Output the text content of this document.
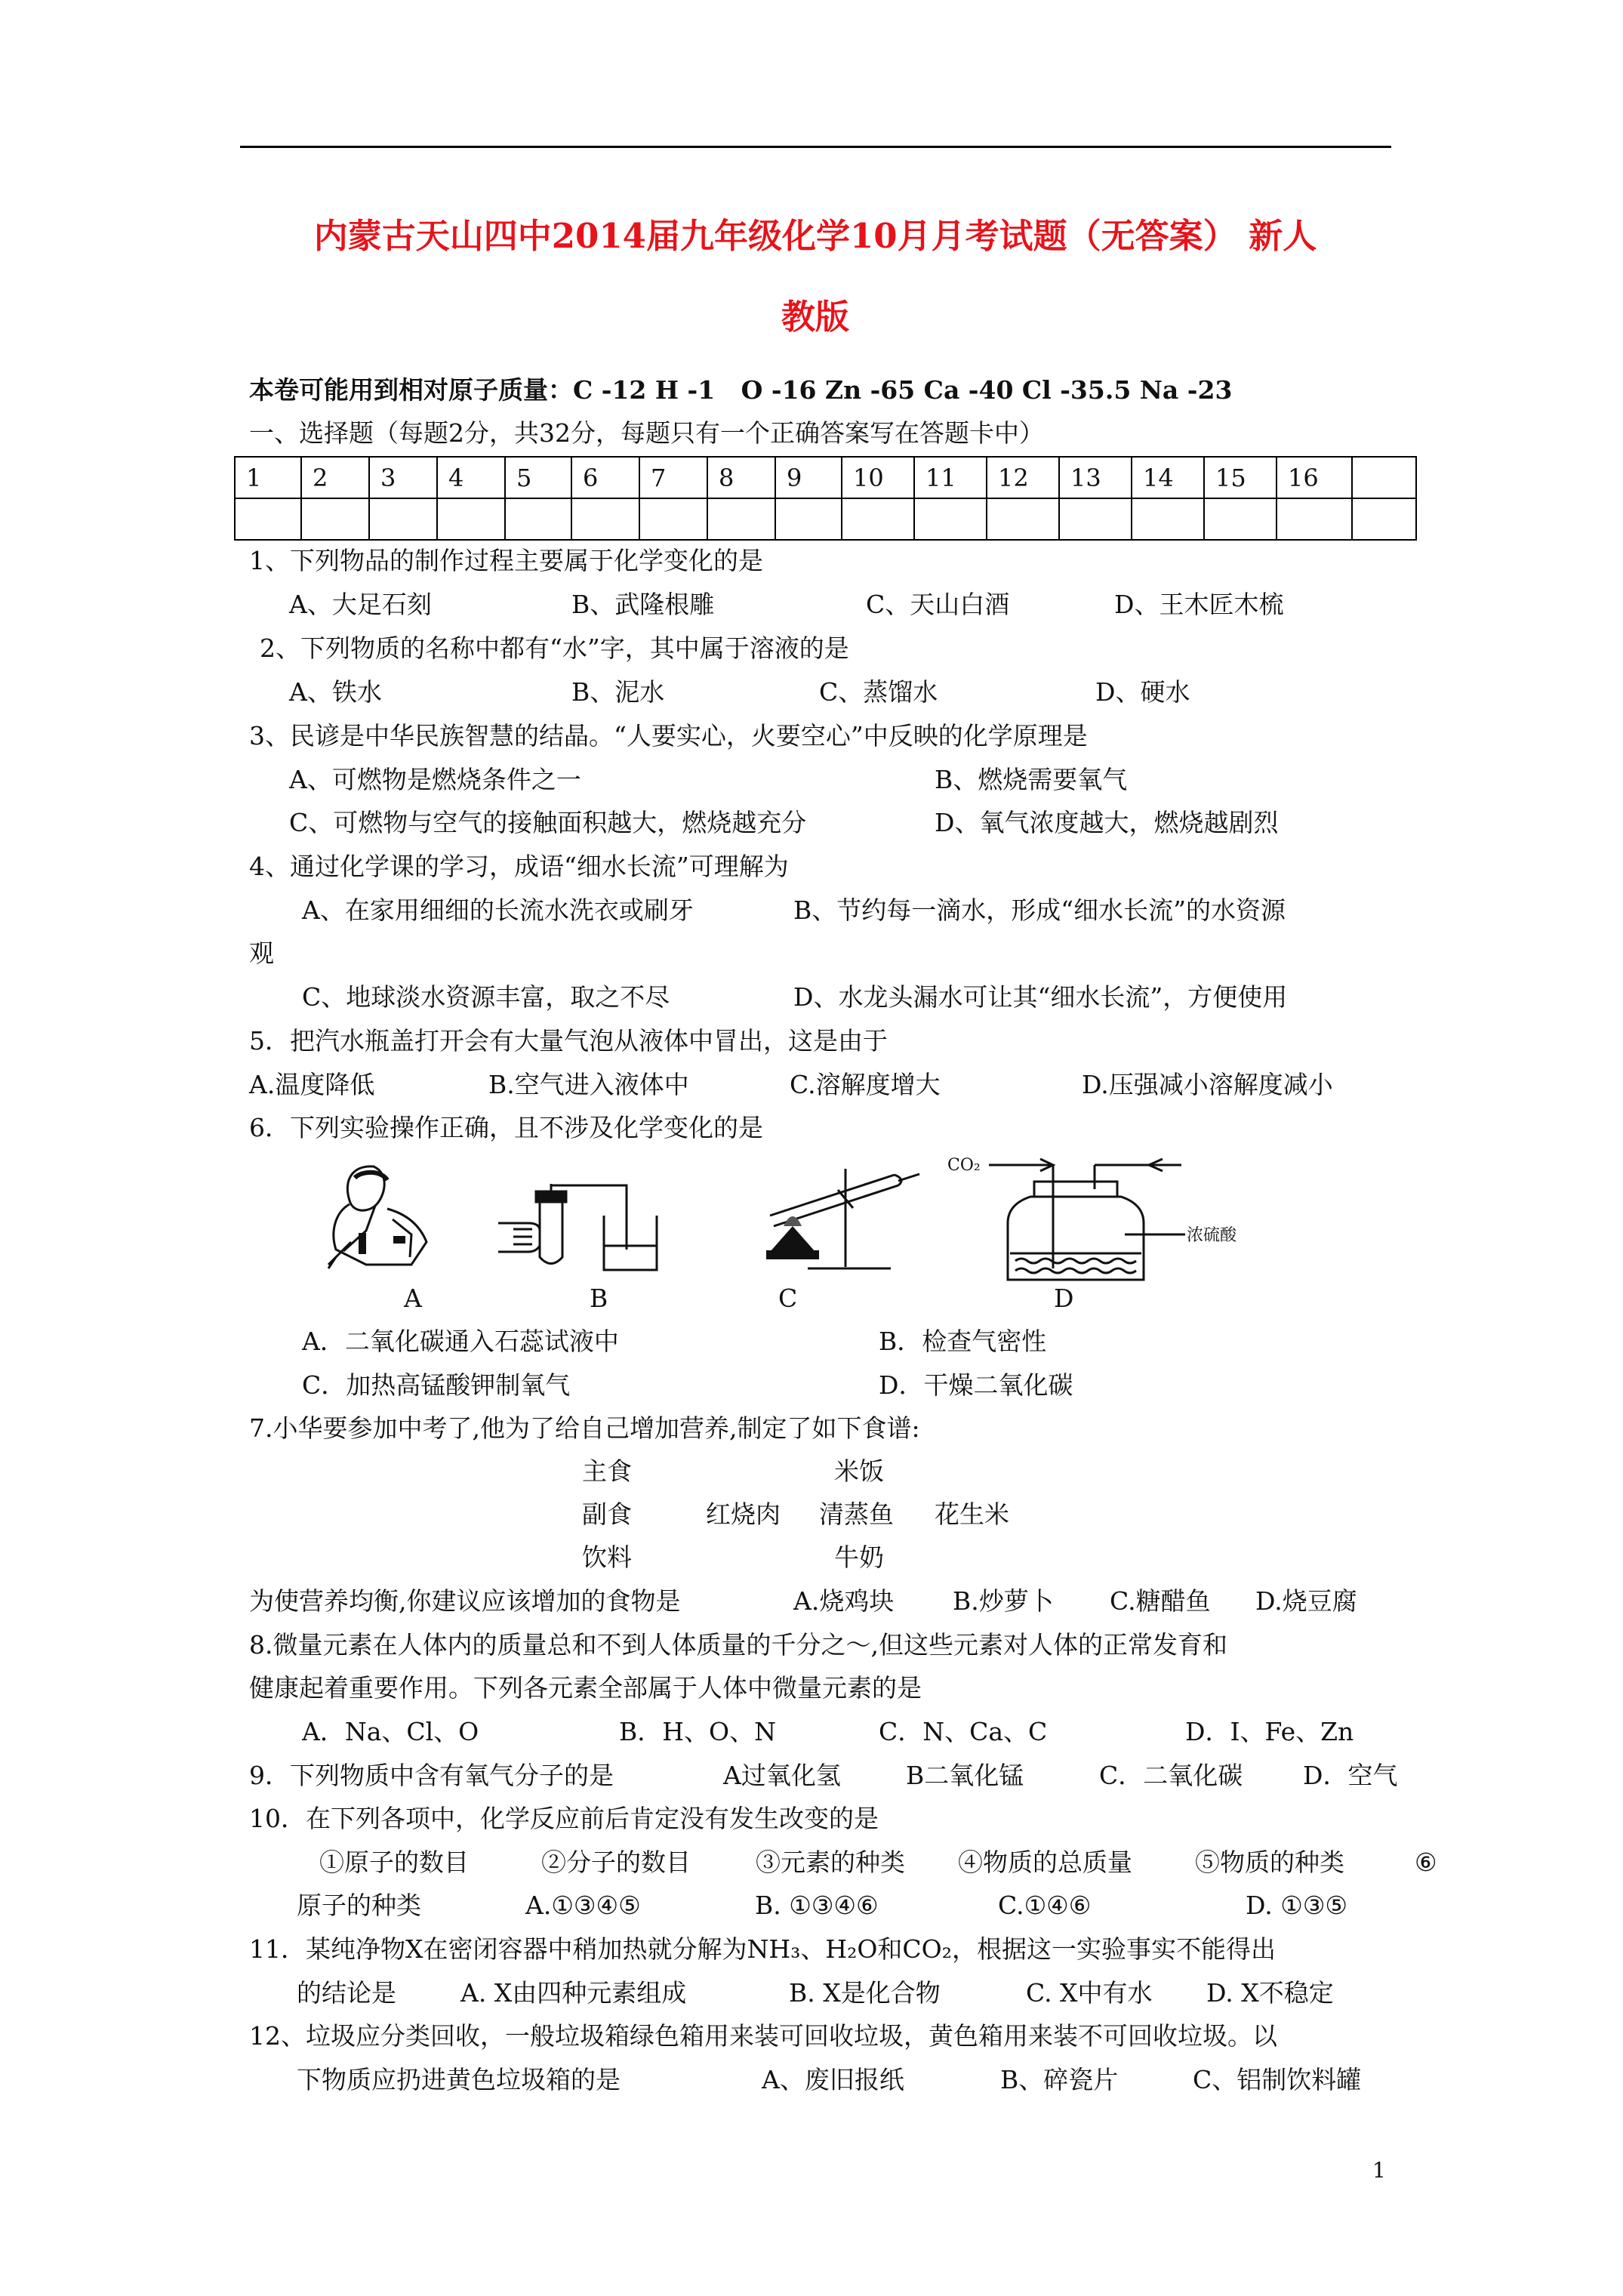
内蒙古天山四中2014届九年级化学10月月考试题（无答案） 新人
教版
本卷可能用到相对原子质量：C -12 H -1   O -16 Zn -65 Ca -40 Cl -35.5 Na -23
一、选择题（每题2分，共32分，每题只有一个正确答案写在答题卡中）
1	2	3	4	5	6	7	8	9	10	11	12	13	14	15	16	

1、下列物品的制作过程主要属于化学变化的是
A、大足石刻	B、武隆根雕	C、天山白酒	D、王木匠木梳
2、下列物质的名称中都有“水”字，其中属于溶液的是
A、铁水	B、泥水	C、蒸馏水	D、硬水
3、民谚是中华民族智慧的结晶。“人要实心，火要空心”中反映的化学原理是
A、可燃物是燃烧条件之一	B、燃烧需要氧气
C、可燃物与空气的接触面积越大，燃烧越充分	D、氧气浓度越大，燃烧越剧烈
4、通过化学课的学习，成语“细水长流”可理解为
A、在家用细细的长流水洗衣或刷牙	B、节约每一滴水，形成“细水长流”的水资源
观
C、地球淡水资源丰富，取之不尽	D、水龙头漏水可让其“细水长流”，方便使用
5．把汽水瓶盖打开会有大量气泡从液体中冒出，这是由于
A.温度降低	B.空气进入液体中	C.溶解度增大	D.压强减小溶解度减小
6．下列实验操作正确，且不涉及化学变化的是
CO₂
浓硫酸
A	B	C	D
A．二氧化碳通入石蕊试液中	B．检查气密性
C．加热高锰酸钾制氧气	D．干燥二氧化碳
7.小华要参加中考了,他为了给自己增加营养,制定了如下食谱:
主食	米饭
副食	红烧肉 清蒸鱼 花生米
饮料	牛奶
为使营养均衡,你建议应该增加的食物是	A.烧鸡块 B.炒萝卜 C.糖醋鱼 D.烧豆腐
8.微量元素在人体内的质量总和不到人体质量的千分之～,但这些元素对人体的正常发育和
健康起着重要作用。下列各元素全部属于人体中微量元素的是
A．Na、Cl、O	B．H、O、N	C．N、Ca、C	D．I、Fe、Zn
9．下列物质中含有氧气分子的是	A过氧化氢	B二氧化锰	C．二氧化碳 D．空气
10．在下列各项中，化学反应前后肯定没有发生改变的是
①原子的数目	②分子的数目	③元素的种类 ④物质的总质量	⑤物质的种类	⑥
原子的种类	A.①③④⑤	B. ①③④⑥	C.①④⑥	D. ①③⑤
11．某纯净物X在密闭容器中稍加热就分解为NH₃、H₂O和CO₂，根据这一实验事实不能得出
的结论是	A. X由四种元素组成	B. X是化合物	C. X中有水 D. X不稳定
12、垃圾应分类回收，一般垃圾箱绿色箱用来装可回收垃圾，黄色箱用来装不可回收垃圾。以
下物质应扔进黄色垃圾箱的是	A、废旧报纸	B、碎瓷片	C、铝制饮料罐
1
